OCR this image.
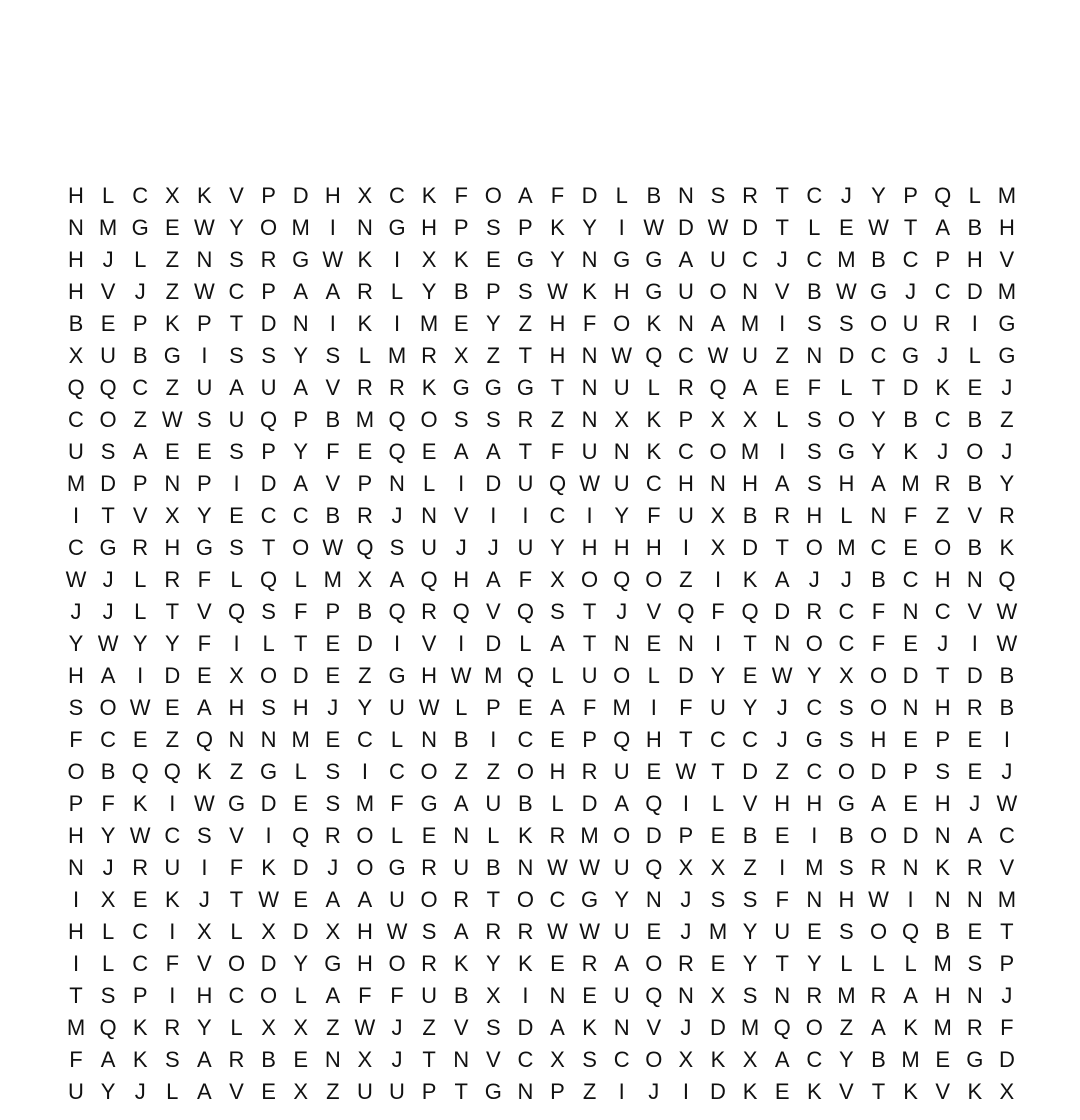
H L C X K V P D H X C K F O A F D L B N S R T C J Y P Q L M
N M G E W Y O M I N G H P S P K Y I W D W D T L E W T A B H
H J L Z N S R G W K I X K E G Y N G G A U C J C M B C P H V
H V J Z W C P A A R L Y B P S W K H G U O N V B W G J C D M
B E P K P T D N I K I M E Y Z H F O K N A M I S S O U R I G
X U B G I S S Y S L M R X Z T H N W Q C W U Z N D C G J L G
Q Q C Z U A U A V R R K G G G T N U L R Q A E F L T D K E J
C O Z W S U Q P B M Q O S S R Z N X K P X X L S O Y B C B Z
U S A E E S P Y F E Q E A A T F U N K C O M I S G Y K J O J
M D P N P I D A V P N L	I D U Q W U C H N H A S H A M R B Y
I	T V X Y E C C B R J N V I	I C I Y F U X B R H L N F Z V R
C G R H G S T O W Q S U J J U Y H H H I X D T O M C E O B K
W J L R F L Q L M X A Q H A F X O Q O Z	I K A J J B C H N Q
J J L T V Q S F P B Q R Q V Q S T J V Q F Q D R C F N C V W
Y W Y Y F	I	L T E D I V I D L A T N E N I	T N O C F E J	I W
H A I D E X O D E Z G H W M Q L U O L D Y E W Y X O D T D B
S O W E A H S H J Y U W L P E A F M I	F U Y J C S O N H R B
F C E Z Q N N M E C L N B I C E P Q H T C C J G S H E P E I
O B Q Q K Z G L S I C O Z Z O H R U E W T D Z C O D P S E J
P F K I W G D E S M F G A U B L D A Q I	L V H H G A E H J W
H Y W C S V I Q R O L E N L K R M O D P E B E I B O D N A C
N J R U I	F K D J O G R U B N W W U Q X X Z	I M S R N K R V
I X E K J T W E A A U O R T O C G Y N J S S F N H W I N N M
H L C I X L X D X H W S A R R W W U E J M Y U E S O Q B E T
I	L C F V O D Y G H O R K Y K E R A O R E Y T Y L L L M S P
T S P I H C O L A F F U B X I N E U Q N X S N R M R A H N J
M Q K R Y L X X Z W J Z V S D A K N V J D M Q O Z A K M R F
F A K S A R B E N X J T N V C X S C O X K X A C Y B M E G D
U Y J L A V E X Z U U P T G N P Z	I	J	I D K E K V T K V K X
